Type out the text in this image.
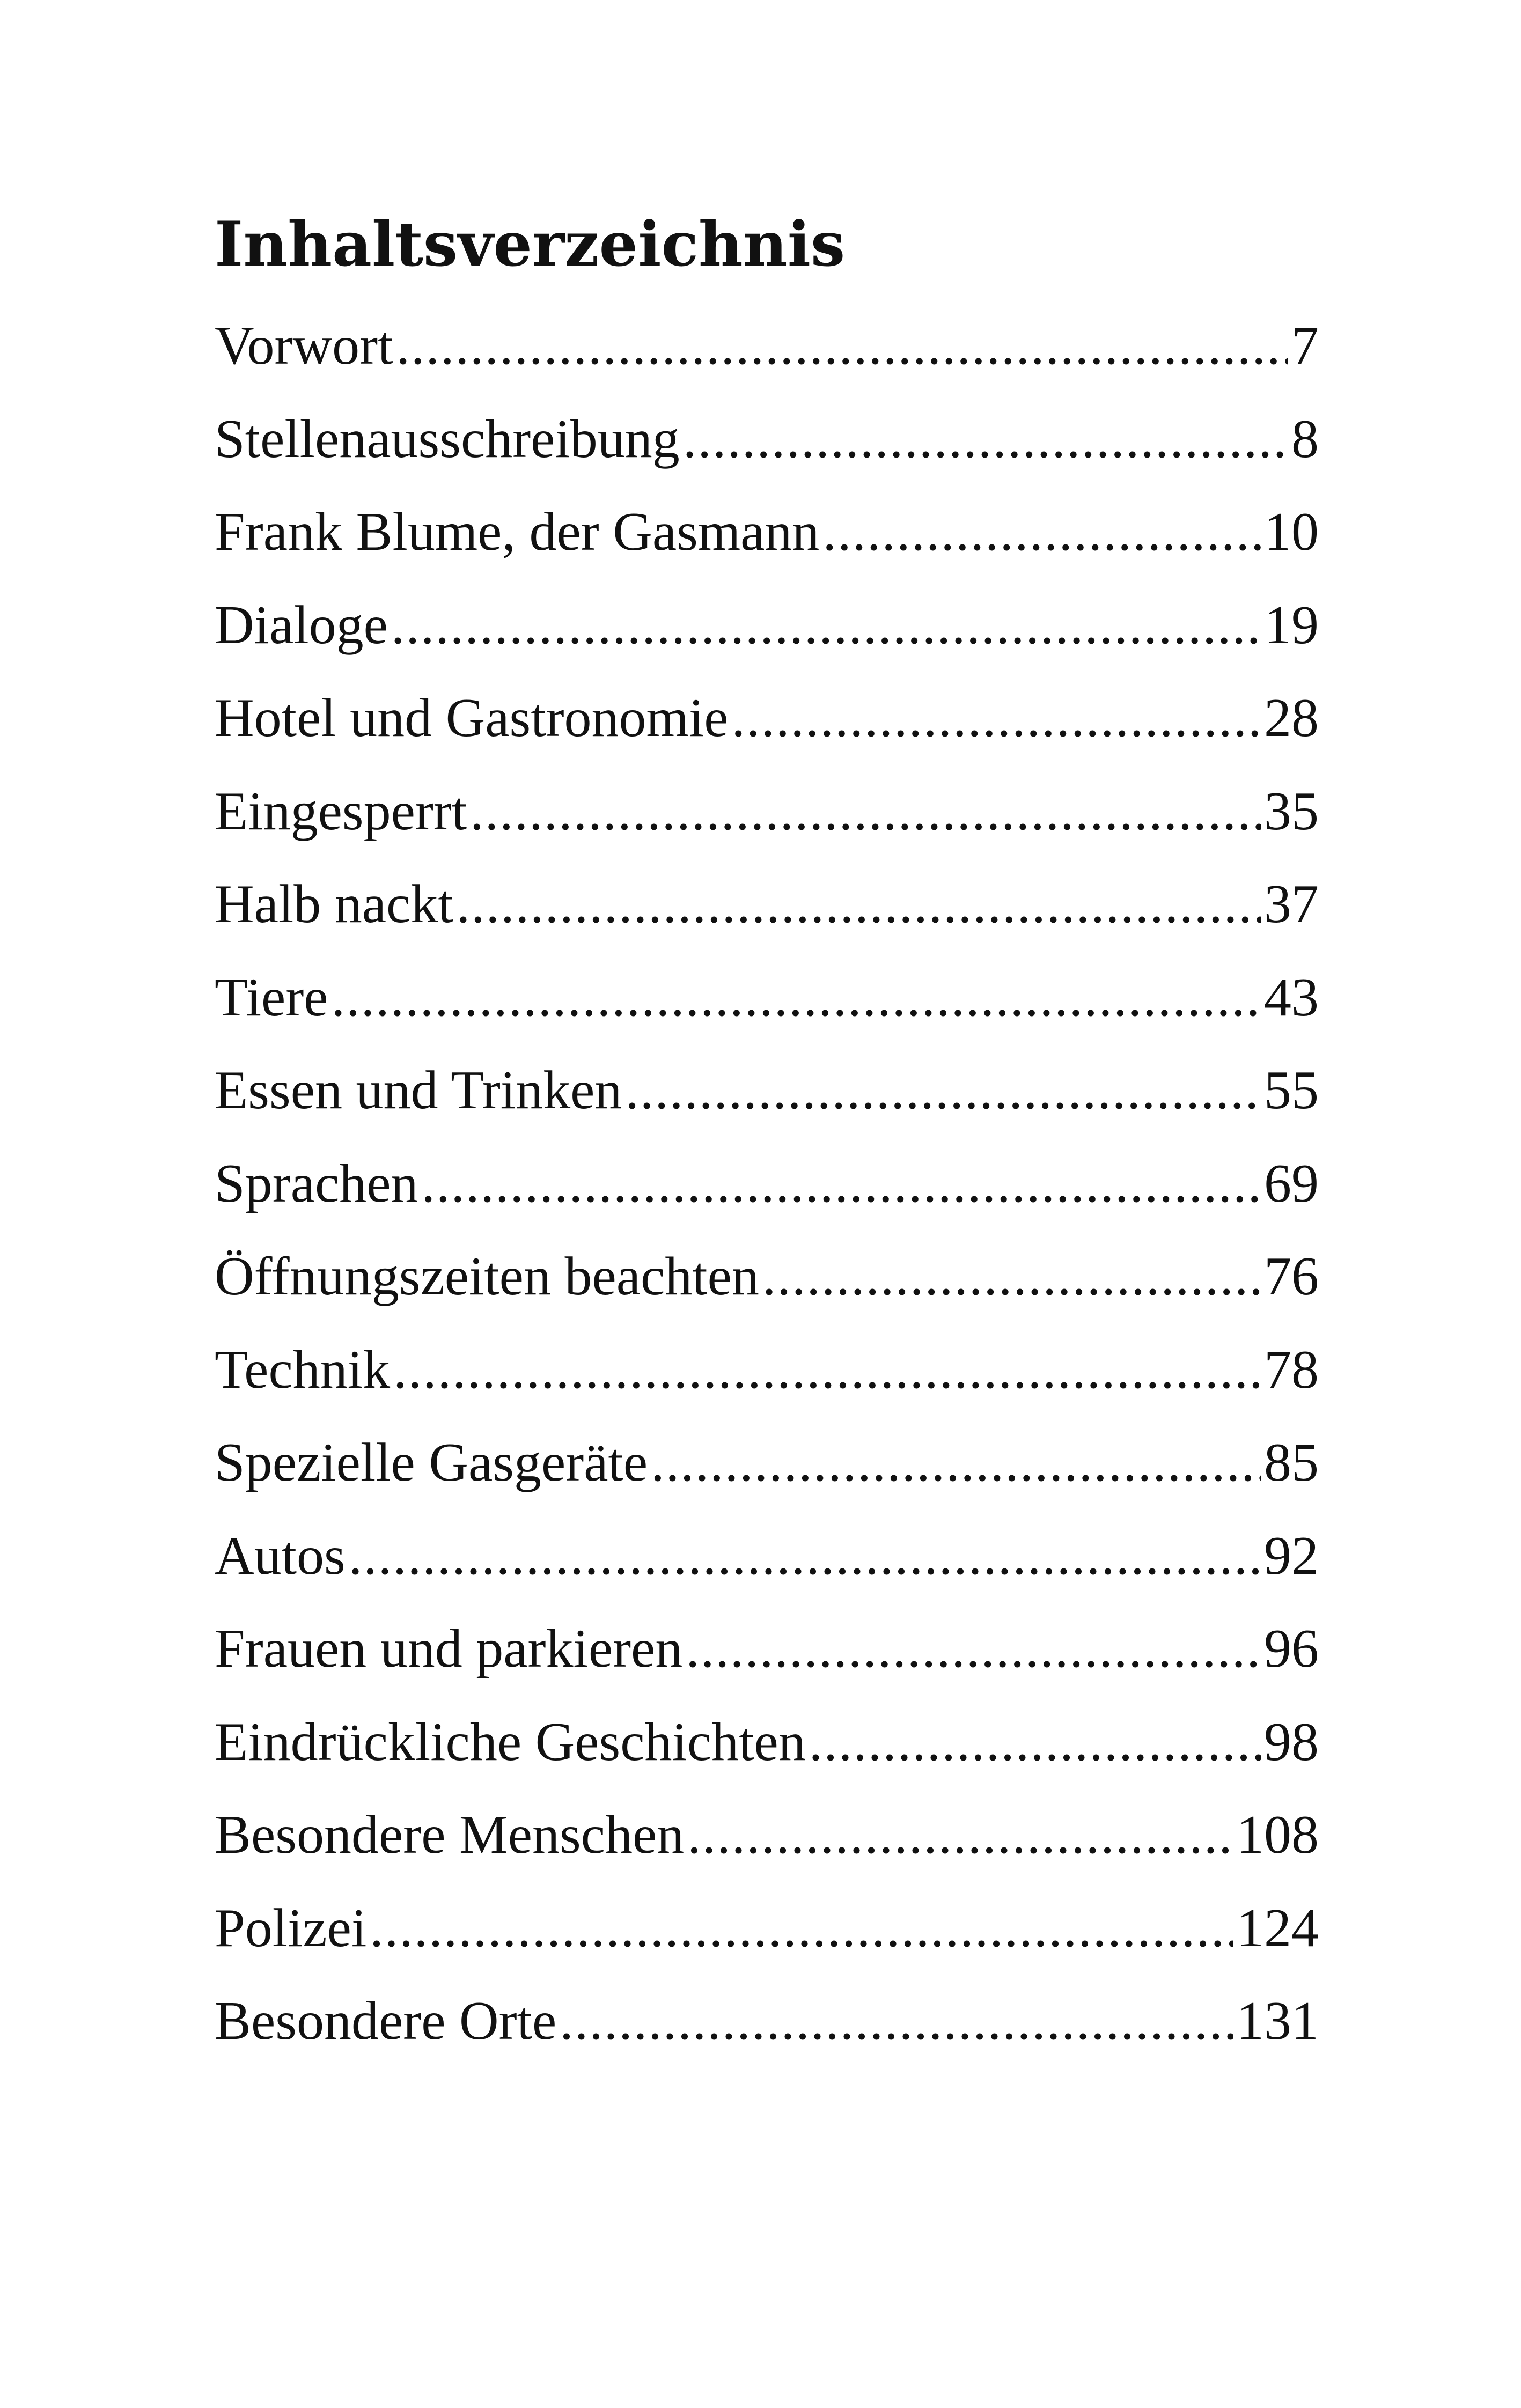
Inhaltsverzeichnis
Vorwort .....	7
Stellenausschreibung .....	8
Frank Blume, der Gasmann .....	10
Dialoge .....	19
Hotel und Gastronomie .....	28
Eingesperrt .....	35
Halb nackt .....	37
Tiere .....	43
Essen und Trinken .....	55
Sprachen .....	69
Öffnungszeiten beachten .....	76
Technik .....	78
Spezielle Gasgeräte .....	85
Autos .....	92
Frauen und parkieren .....	96
Eindrückliche Geschichten .....	98
Besondere Menschen .....	108
Polizei .....	124
Besondere Orte .....	131
